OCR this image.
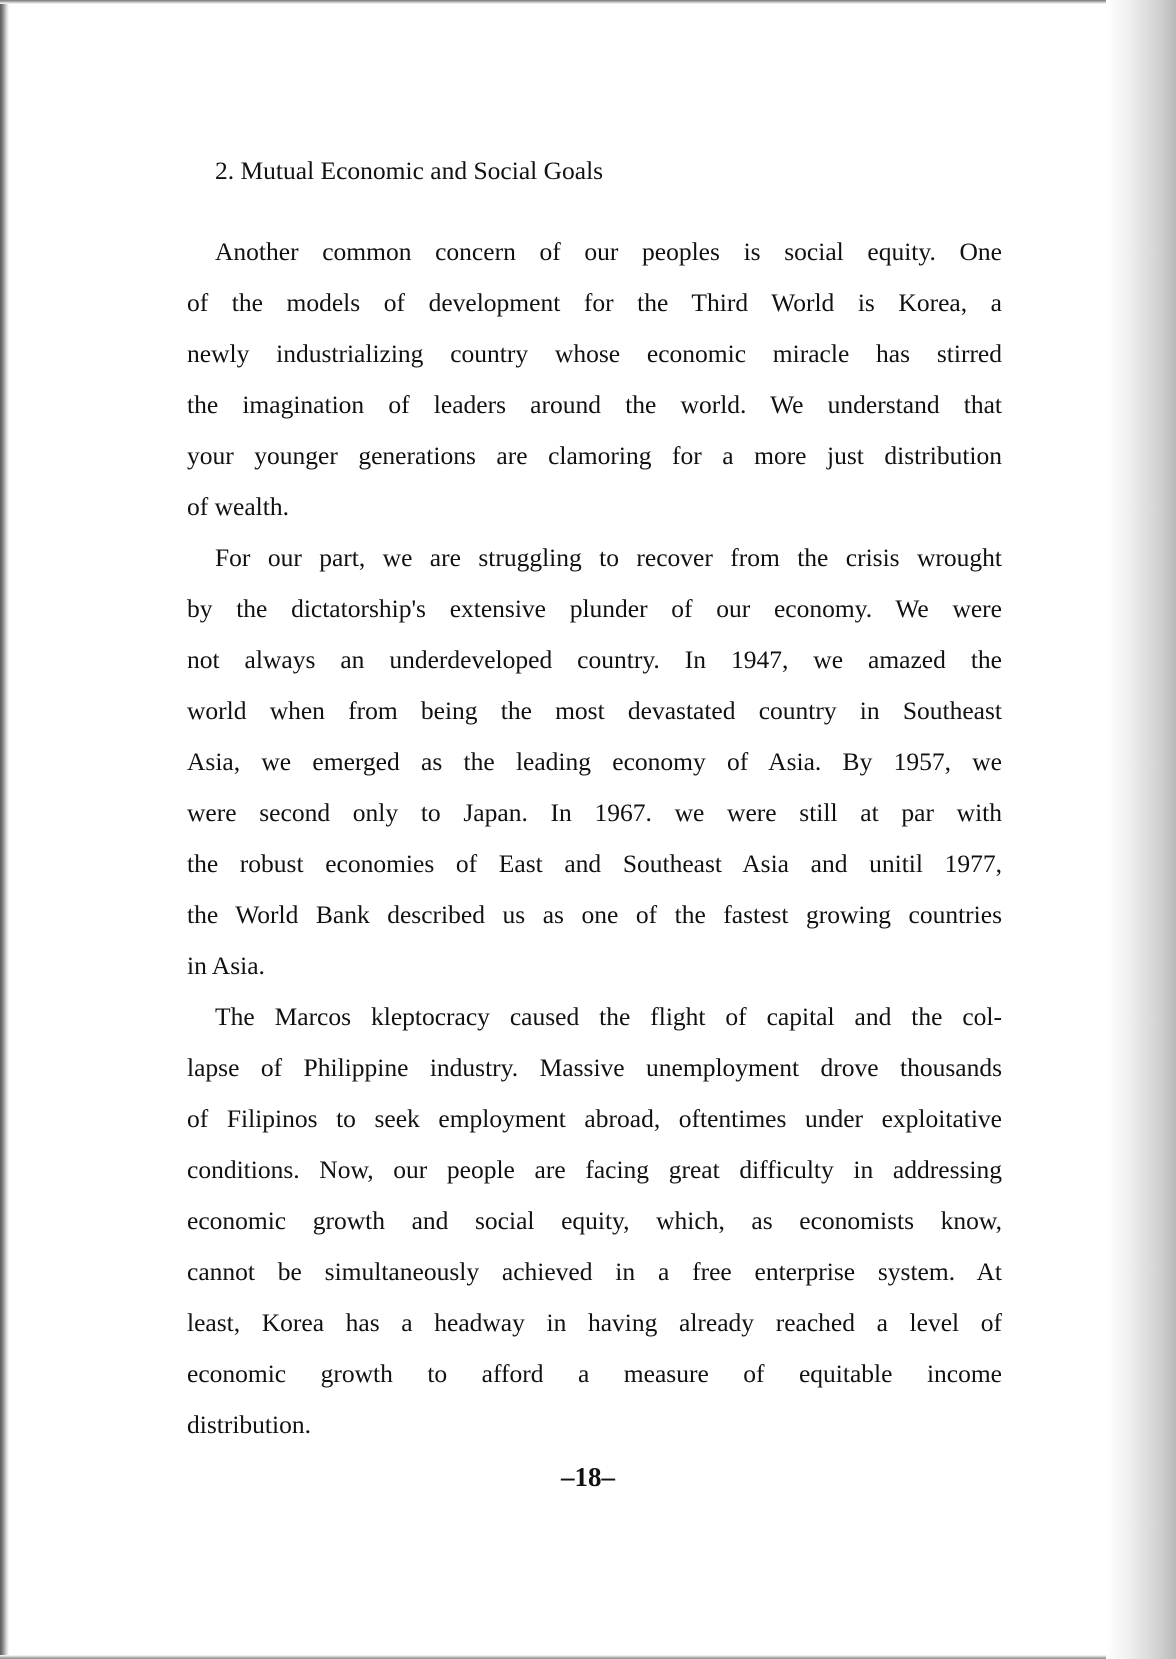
2. Mutual Economic and Social Goals
Another common concern of our peoples is social equity. One
of the models of development for the Third World is Korea, a
newly industrializing country whose economic miracle has stirred
the imagination of leaders around the world. We understand that
your younger generations are clamoring for a more just distribution
of wealth.
For our part, we are struggling to recover from the crisis wrought
by the dictatorship's extensive plunder of our economy. We were
not always an underdeveloped country. In 1947, we amazed the
world when from being the most devastated country in Southeast
Asia, we emerged as the leading economy of Asia. By 1957, we
were second only to Japan. In 1967. we were still at par with
the robust economies of East and Southeast Asia and unitil 1977,
the World Bank described us as one of the fastest growing countries
in Asia.
The Marcos kleptocracy caused the flight of capital and the col-
lapse of Philippine industry. Massive unemployment drove thousands
of Filipinos to seek employment abroad, oftentimes under exploitative
conditions. Now, our people are facing great difficulty in addressing
economic growth and social equity, which, as economists know,
cannot be simultaneously achieved in a free enterprise system. At
least, Korea has a headway in having already reached a level of
economic growth to afford a measure of equitable income
distribution.
–18–
